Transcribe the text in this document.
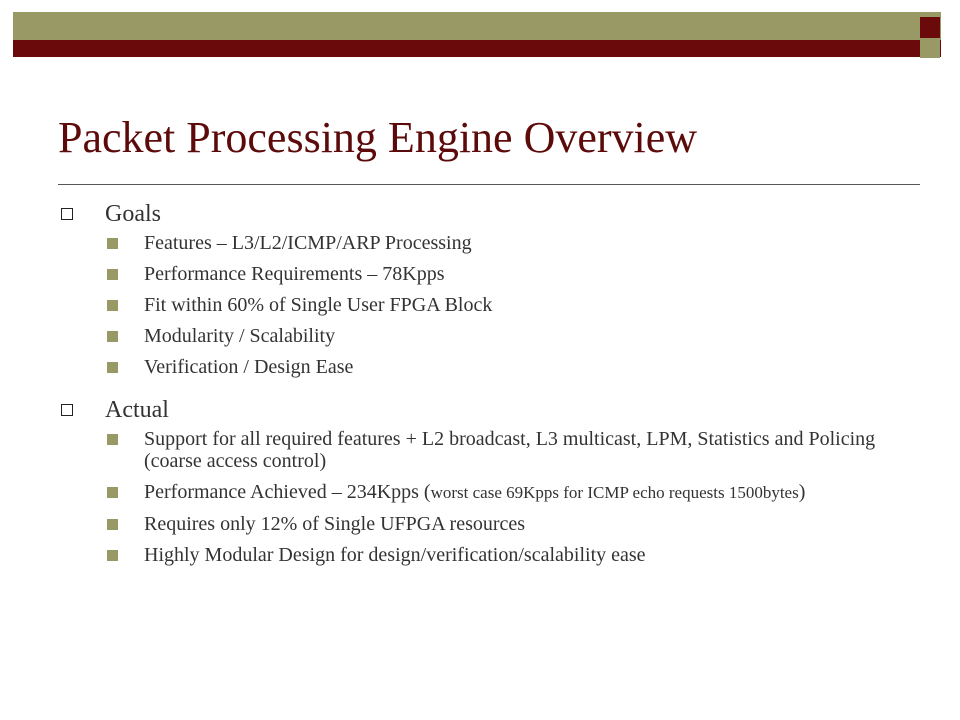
Packet Processing Engine Overview
Goals
Features – L3/L2/ICMP/ARP Processing
Performance Requirements – 78Kpps
Fit within 60% of Single User FPGA Block
Modularity / Scalability
Verification / Design Ease
Actual
Support for all required features + L2 broadcast, L3 multicast, LPM, Statistics and Policing (coarse access control)
Performance Achieved – 234Kpps (worst case 69Kpps for ICMP echo requests 1500bytes)
Requires only 12% of Single UFPGA resources
Highly Modular Design for design/verification/scalability ease
